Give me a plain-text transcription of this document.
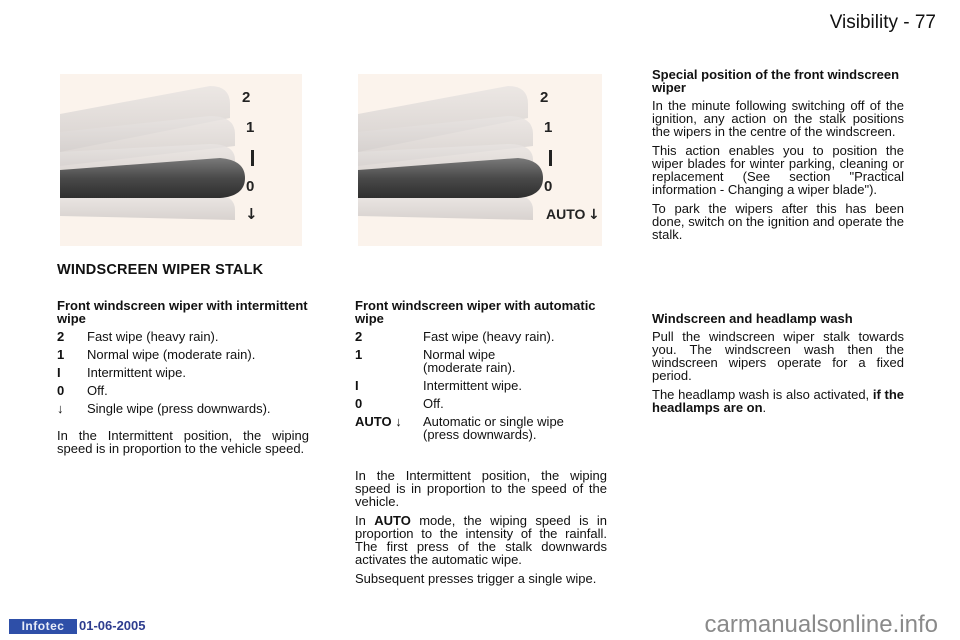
Visibility - 77
2
1
0
↓
2
1
0
AUTO ↓
WINDSCREEN WIPER STALK
Front windscreen wiper with intermittent wipe
2	Fast wipe (heavy rain).
1	Normal wipe (moderate rain).
I	Intermittent wipe.
0	Off.
↓	Single wipe (press downwards).

In the Intermittent position, the wiping speed is in proportion to the vehicle speed.

Front windscreen wiper with automatic wipe
2	Fast wipe (heavy rain).
1	Normal wipe (moderate rain).
I	Intermittent wipe.
0	Off.
AUTO ↓	Automatic or single wipe (press downwards).

In the Intermittent position, the wiping speed is in proportion to the speed of the vehicle.

In AUTO mode, the wiping speed is in proportion to the intensity of the rainfall. The first press of the stalk downwards activates the automatic wipe.

Subsequent presses trigger a single wipe.

Special position of the front windscreen wiper

In the minute following switching off of the ignition, any action on the stalk positions the wipers in the centre of the windscreen.

This action enables you to position the wiper blades for winter parking, cleaning or replacement (See section "Practical information - Changing a wiper blade").

To park the wipers after this has been done, switch on the ignition and operate the stalk.

Windscreen and headlamp wash

Pull the windscreen wiper stalk towards you. The windscreen wash then the windscreen wipers operate for a fixed period.

The headlamp wash is also activated, if the headlamps are on.

Infotec	01-06-2005	carmanualsonline.info
